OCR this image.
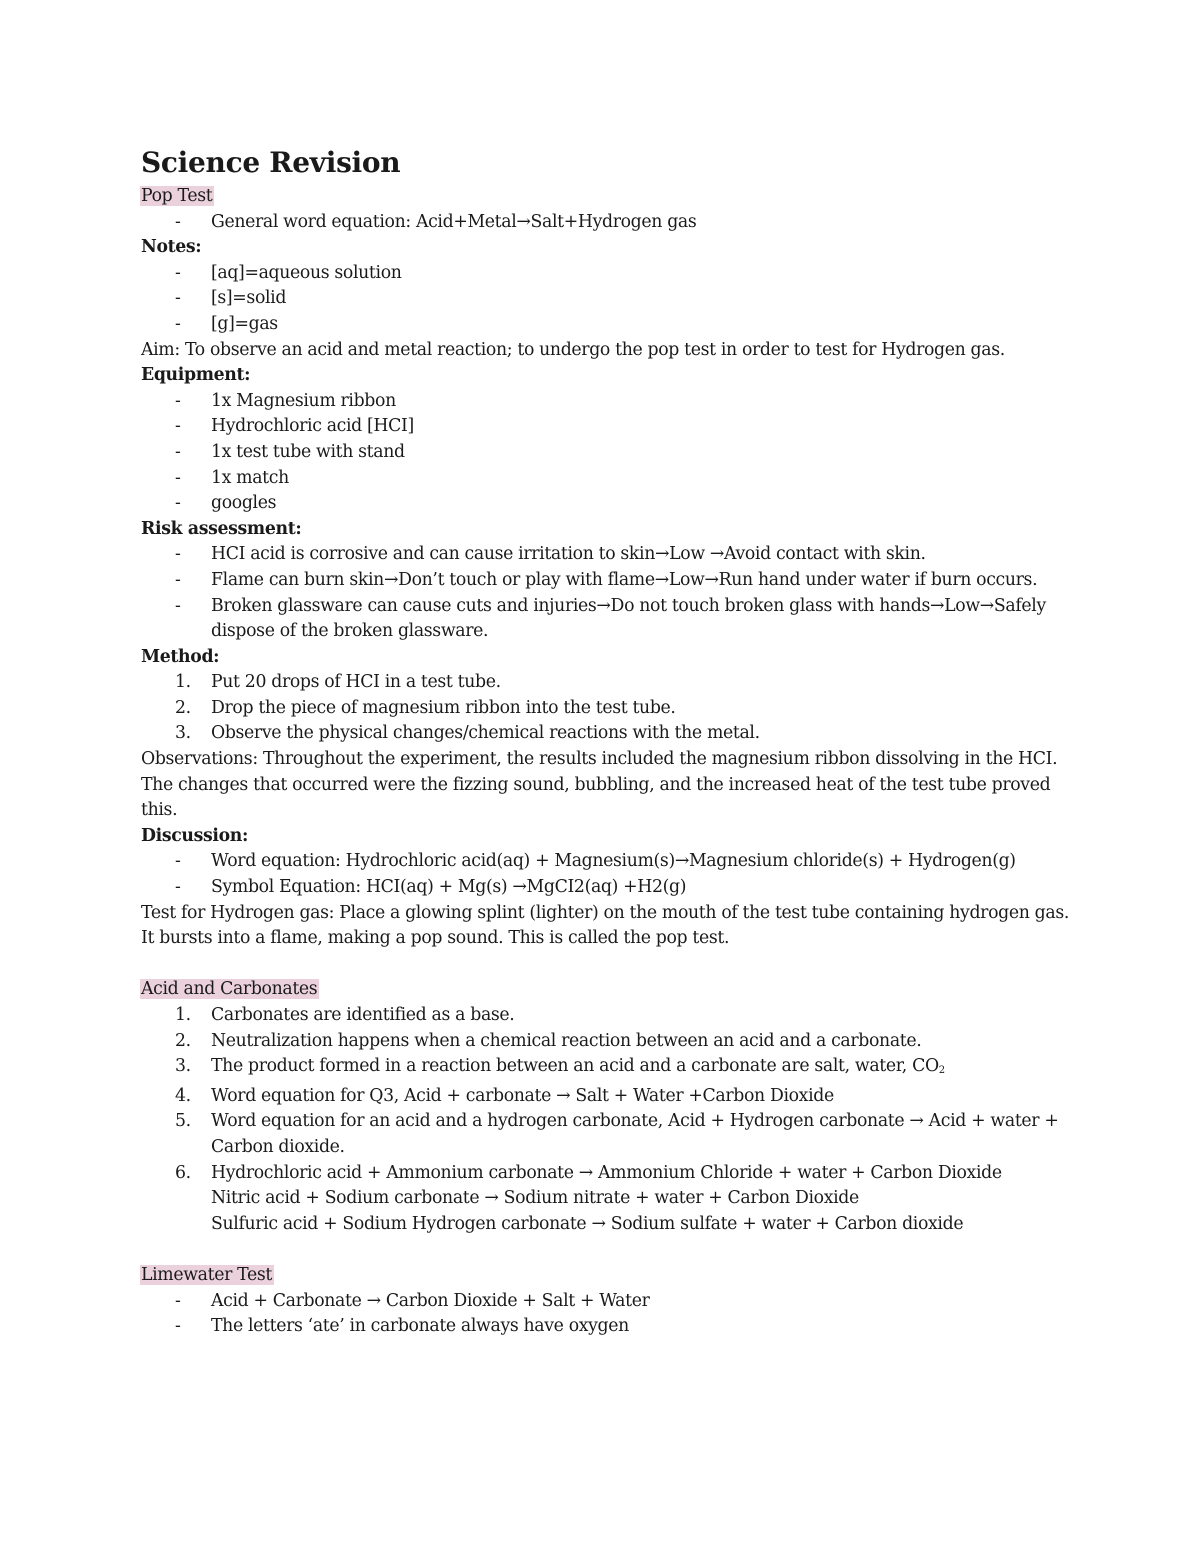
Science Revision

Pop Test

- General word equation: Acid+Metal→Salt+Hydrogen gas

Notes:

- [aq]=aqueous solution
- [s]=solid
- [g]=gas

Aim: To observe an acid and metal reaction; to undergo the pop test in order to test for Hydrogen gas.

Equipment:

- 1x Magnesium ribbon
- Hydrochloric acid [HCI]
- 1x test tube with stand
- 1x match
- googles

Risk assessment:

- HCI acid is corrosive and can cause irritation to skin→Low →Avoid contact with skin.
- Flame can burn skin→Don’t touch or play with flame→Low→Run hand under water if burn occurs.
- Broken glassware can cause cuts and injuries→Do not touch broken glass with hands→Low→Safely dispose of the broken glassware.

Method:

1. Put 20 drops of HCI in a test tube.
2. Drop the piece of magnesium ribbon into the test tube.
3. Observe the physical changes/chemical reactions with the metal.

Observations: Throughout the experiment, the results included the magnesium ribbon dissolving in the HCI.

The changes that occurred were the fizzing sound, bubbling, and the increased heat of the test tube proved this.

Discussion:

- Word equation: Hydrochloric acid(aq) + Magnesium(s)→Magnesium chloride(s) + Hydrogen(g)
- Symbol Equation: HCI(aq) + Mg(s) →MgCI2(aq) +H2(g)

Test for Hydrogen gas: Place a glowing splint (lighter) on the mouth of the test tube containing hydrogen gas. It bursts into a flame, making a pop sound. This is called the pop test.

Acid and Carbonates

1. Carbonates are identified as a base.
2. Neutralization happens when a chemical reaction between an acid and a carbonate.
3. The product formed in a reaction between an acid and a carbonate are salt, water, $CO_2$
4. Word equation for Q3, Acid + carbonate → Salt + Water +Carbon Dioxide
5. Word equation for an acid and a hydrogen carbonate, Acid + Hydrogen carbonate → Acid + water + Carbon dioxide.
6. Hydrochloric acid + Ammonium carbonate → Ammonium Chloride + water + Carbon Dioxide
Nitric acid + Sodium carbonate → Sodium nitrate + water + Carbon Dioxide
Sulfuric acid + Sodium Hydrogen carbonate → Sodium sulfate + water + Carbon dioxide

Limewater Test

- Acid + Carbonate → Carbon Dioxide + Salt + Water
- The letters ‘ate’ in carbonate always have oxygen
